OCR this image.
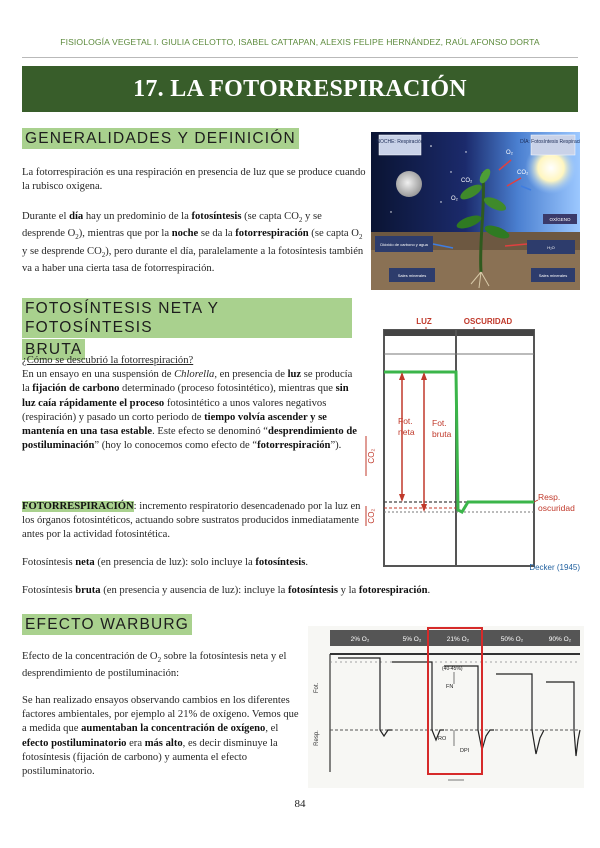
FISIOLOGÍA VEGETAL I. GIULIA CELOTTO, ISABEL CATTAPAN, ALEXIS FELIPE HERNÁNDEZ, RAÚL AFONSO DORTA
17. LA FOTORRESPIRACIÓN
GENERALIDADES Y DEFINICIÓN

La fotorrespiración es una respiración en presencia de luz que se produce cuando la rubisco oxigena.

Durante el día hay un predominio de la fotosíntesis (se capta $CO_2$ y se desprende $O_2$), mientras que por la noche se da la fotorrespiración (se capta $O_2$ y se desprende $CO_2$), pero durante el día, paralelamente a la fotosíntesis también va a haber una cierta tasa de fotorrespiración.

NOCHE: Respiración	DÍA: Fotosíntesis Respiración
O₂
CO₂
O₂
CO₂
OXÍGENO
Dióxido de carbono y agua
Sales minerales
H₂O
Sales minerales
FOTOSÍNTESIS NETA Y FOTOSÍNTESIS
BRUTA

¿Cómo se descubrió la fotorrespiración?

En un ensayo en una suspensión de Chlorella, en presencia de luz se producía la fijación de carbono determinado (proceso fotosintético), mientras que sin luz caía rápidamente el proceso fotosintético a unos valores negativos (respiración) y pasado un corto periodo de tiempo volvía ascender y se mantenía en una tasa estable. Este efecto se denominó “desprendimiento de postiluminación” (hoy lo conocemos como efecto de “fotorrespiración”).

FOTORRESPIRACIÓN: incremento respiratorio desencadenado por la luz en los órganos fotosintéticos, actuando sobre sustratos producidos inmediatamente antes por la actividad fotosintética.

Fotosíntesis neta (en presencia de luz): solo incluye la fotosíntesis.

Fotosíntesis bruta (en presencia y ausencia de luz): incluye la fotosíntesis y la fotorespiración.

LUZ	OSCURIDAD
Fot.
neta
Fot.
bruta
Resp.
oscuridad
CO₂
CO₂
Decker (1945)
EFECTO WARBURG

Efecto de la concentración de $O_2$ sobre la fotosíntesis neta y el desprendimiento de postiluminación:

Se han realizado ensayos observando cambios en los diferentes factores ambientales, por ejemplo al 21% de oxígeno. Vemos que a medida que aumentaban la concentración de oxígeno, el efecto postiluminatorio era más alto, es decir disminuye la fotosíntesis (fijación de carbono) y aumenta el efecto postiluminatorio.

2% O₂	5% O₂	21% O₂	50% O₂	90% O₂
Fot.
Resp.
(40-45%)
FN
RO
DPI
84
